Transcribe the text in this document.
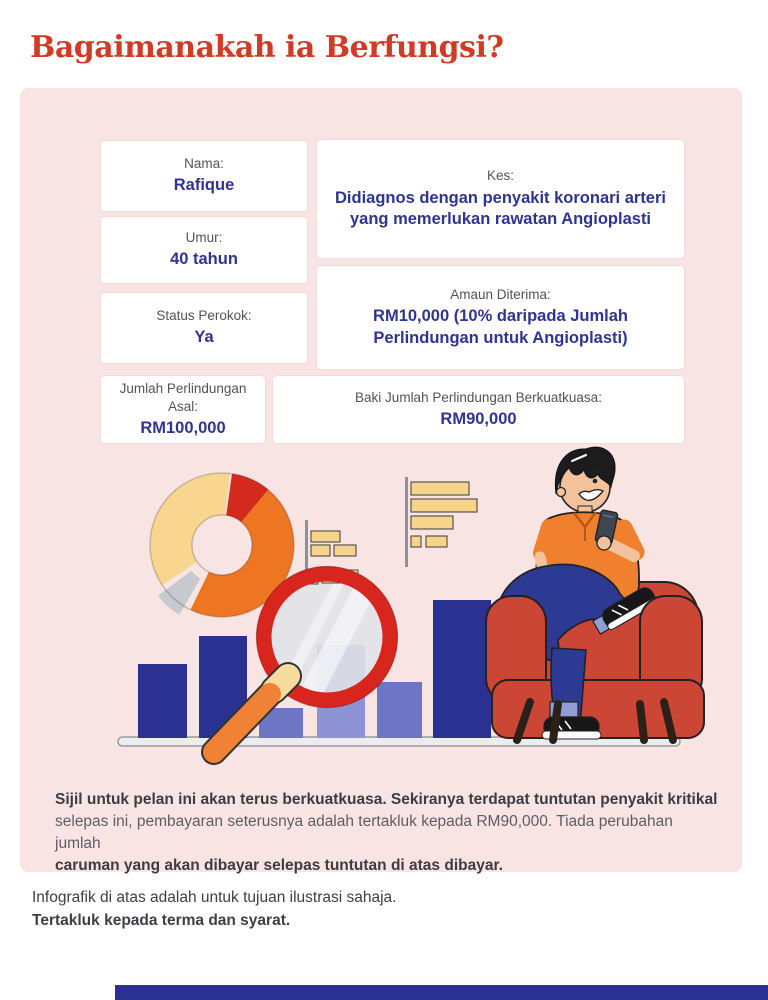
Bagaimanakah ia Berfungsi?
Nama:
Rafique
Umur:
40 tahun
Status Perokok:
Ya
Kes:
Didiagnos dengan penyakit koronari arteri yang memerlukan rawatan Angioplasti
Amaun Diterima:
RM10,000 (10% daripada Jumlah Perlindungan untuk Angioplasti)
Jumlah Perlindungan Asal:
RM100,000
Baki Jumlah Perlindungan Berkuatkuasa:
RM90,000
Sijil untuk pelan ini akan terus berkuatkuasa. Sekiranya terdapat tuntutan penyakit kritikal
selepas ini, pembayaran seterusnya adalah tertakluk kepada RM90,000. Tiada perubahan jumlah
caruman yang akan dibayar selepas tuntutan di atas dibayar.
Infografik di atas adalah untuk tujuan ilustrasi sahaja.
Tertakluk kepada terma dan syarat.
